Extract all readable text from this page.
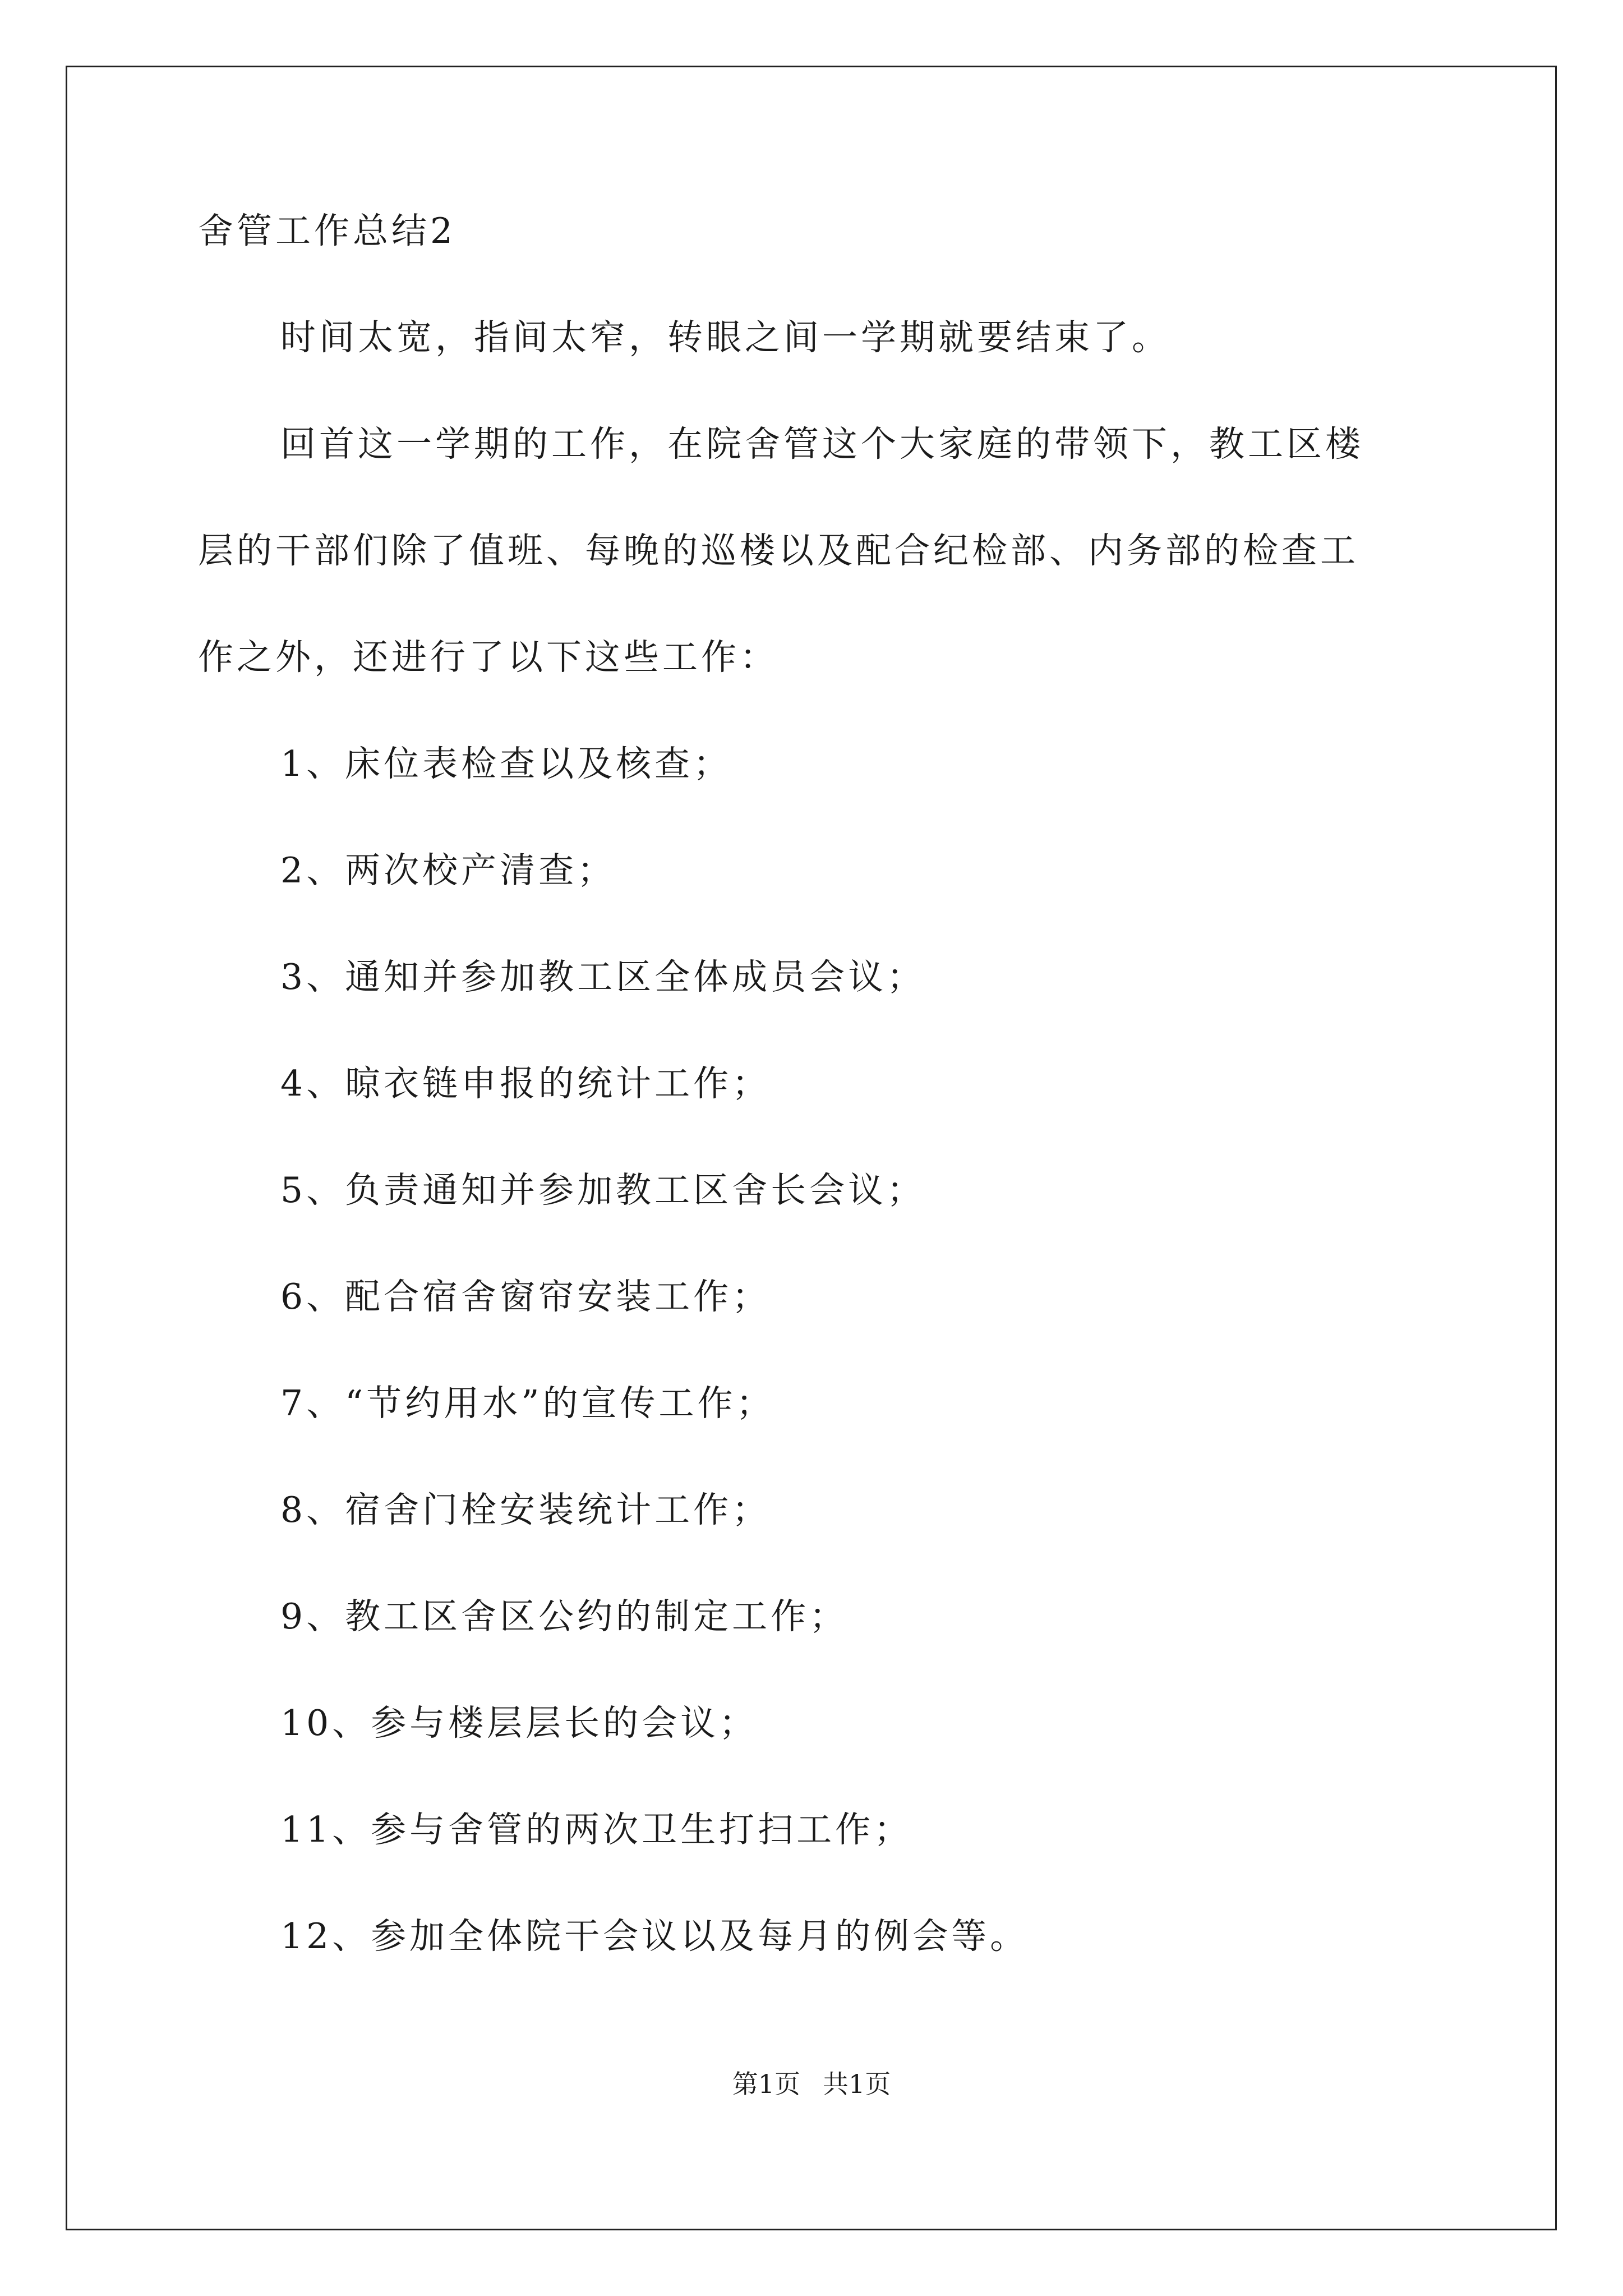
舍管工作总结2
时间太宽，指间太窄，转眼之间一学期就要结束了。
回首这一学期的工作，在院舍管这个大家庭的带领下，教工区楼
层的干部们除了值班、每晚的巡楼以及配合纪检部、内务部的检查工
作之外，还进行了以下这些工作：
1、床位表检查以及核查；
2、两次校产清查；
3、通知并参加教工区全体成员会议；
4、晾衣链申报的统计工作；
5、负责通知并参加教工区舍长会议；
6、配合宿舍窗帘安装工作；
7、“节约用水”的宣传工作；
8、宿舍门栓安装统计工作；
9、教工区舍区公约的制定工作；
10、参与楼层层长的会议；
11、参与舍管的两次卫生打扫工作；
12、参加全体院干会议以及每月的例会等。
第1页 共1页
